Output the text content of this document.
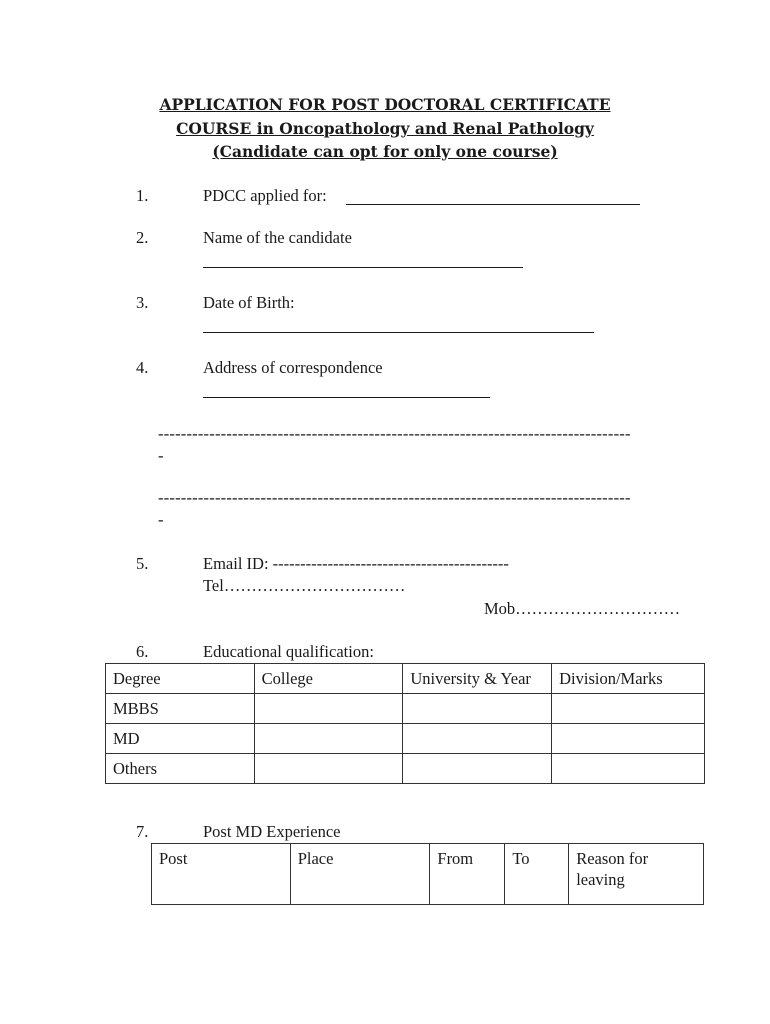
APPLICATION FOR POST DOCTORAL CERTIFICATE
COURSE in Oncopathology and Renal Pathology
(Candidate can opt for only one course)
1.	PDCC applied for:
2.	Name of the candidate
3.	Date of Birth:
4.	Address of correspondence
-----------------------------------------------------------------------------------
-
-----------------------------------------------------------------------------------
-
5.	Email ID: -------------------------------------------
Tel……………………………
Mob…………………………
6.	Educational qualification:
Degree	College	University & Year	Division/Marks
MBBS			
MD			
Others			
7.	Post MD Experience
Post	Place	From	To	Reason for leaving
